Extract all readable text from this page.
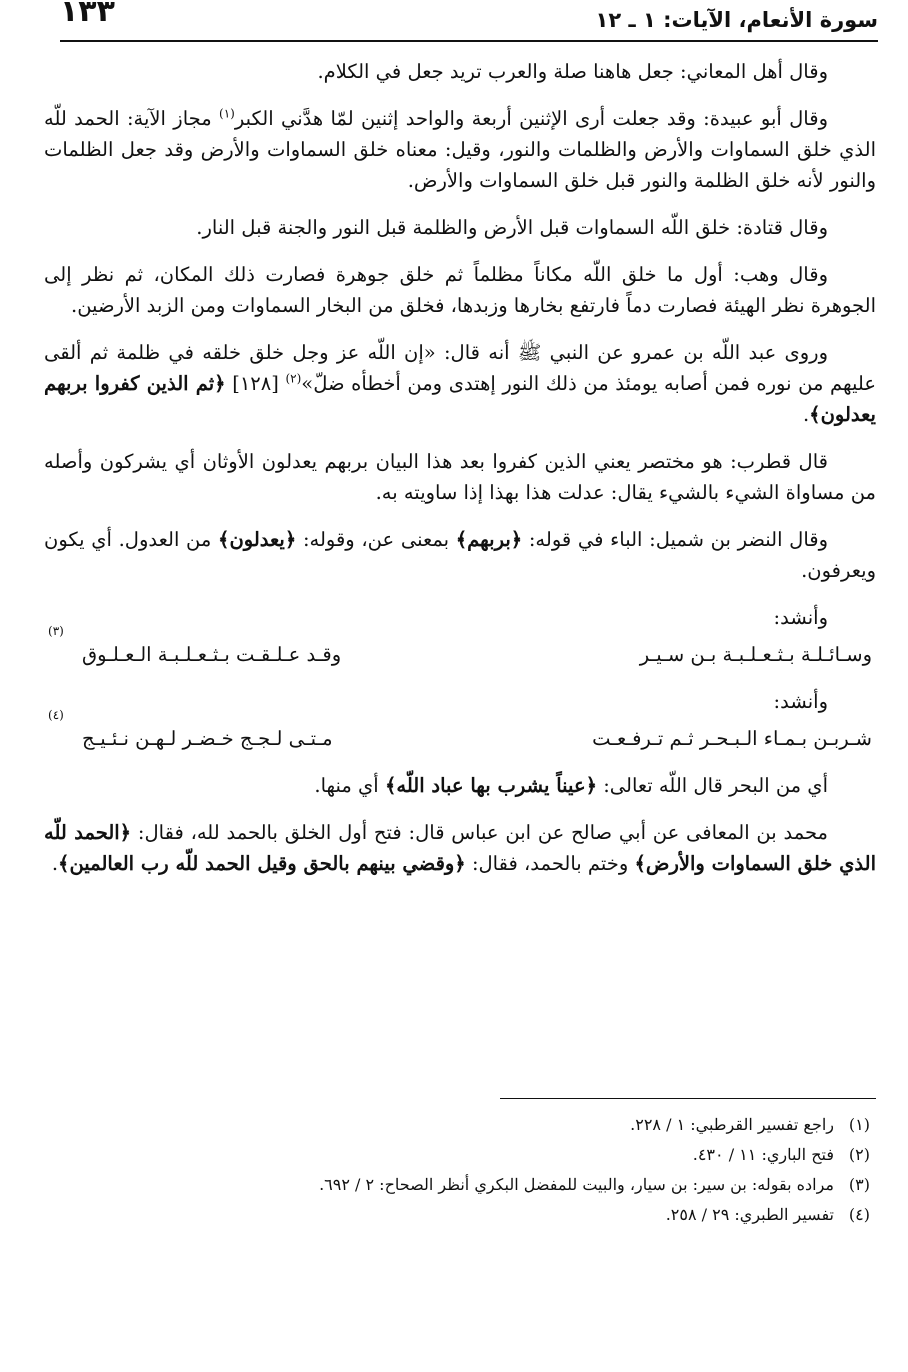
سورة الأنعام، الآيات: ١ ـ ١٢
١٣٣

وقال أهل المعاني: جعل هاهنا صلة والعرب تريد جعل في الكلام.

وقال أبو عبيدة: وقد جعلت أرى الإثنين أربعة والواحد إثنين لمّا هدَّني الكبر$^{(١)}$ مجاز الآية: الحمد للّه الذي خلق السماوات والأرض والظلمات والنور، وقيل: معناه خلق السماوات والأرض وقد جعل الظلمات والنور لأنه خلق الظلمة والنور قبل خلق السماوات والأرض.

وقال قتادة: خلق اللّه السماوات قبل الأرض والظلمة قبل النور والجنة قبل النار.

وقال وهب: أول ما خلق اللّه مكاناً مظلماً ثم خلق جوهرة فصارت ذلك المكان، ثم نظر إلى الجوهرة نظر الهيئة فصارت دماً فارتفع بخارها وزبدها، فخلق من البخار السماوات ومن الزبد الأرضين.

وروى عبد اللّه بن عمرو عن النبي ﷺ أنه قال: «إن اللّه عز وجل خلق خلقه في ظلمة ثم ألقى عليهم من نوره فمن أصابه يومئذ من ذلك النور إهتدى ومن أخطأه ضلّ»$^{(٢)}$ [١٢٨] ﴿ثم الذين كفروا بربهم يعدلون﴾.

قال قطرب: هو مختصر يعني الذين كفروا بعد هذا البيان بربهم يعدلون الأوثان أي يشركون وأصله من مساواة الشيء بالشيء يقال: عدلت هذا بهذا إذا ساويته به.

وقال النضر بن شميل: الباء في قوله: ﴿بربهم﴾ بمعنى عن، وقوله: ﴿يعدلون﴾ من العدول. أي يكون ويعرفون.

وأنشد:

وسـائـلـة بـثـعـلـبـة بـن سـيـر
وقـد عـلـقـت بـثـعـلـبـة الـعـلـوق
(٣)

وأنشد:

شـربـن بـمـاء الـبـحـر ثـم تـرفـعـت
مـتـى لـجـج خـضـر لـهـن نـئـيـج
(٤)

أي من البحر قال اللّه تعالى: ﴿عيناً يشرب بها عباد اللّه﴾ أي منها.

محمد بن المعافى عن أبي صالح عن ابن عباس قال: فتح أول الخلق بالحمد لله، فقال: ﴿الحمد للّه الذي خلق السماوات والأرض﴾ وختم بالحمد، فقال: ﴿وقضي بينهم بالحق وقيل الحمد للّه رب العالمين﴾.

(١)
راجع تفسير القرطبي: ١ / ٢٢٨.
(٢)
فتح الباري: ١١ / ٤٣٠.
(٣)
مراده بقوله: بن سير: بن سيار، والبيت للمفضل البكري أنظر الصحاح: ٢ / ٦٩٢.
(٤)
تفسير الطبري: ٢٩ / ٢٥٨.
